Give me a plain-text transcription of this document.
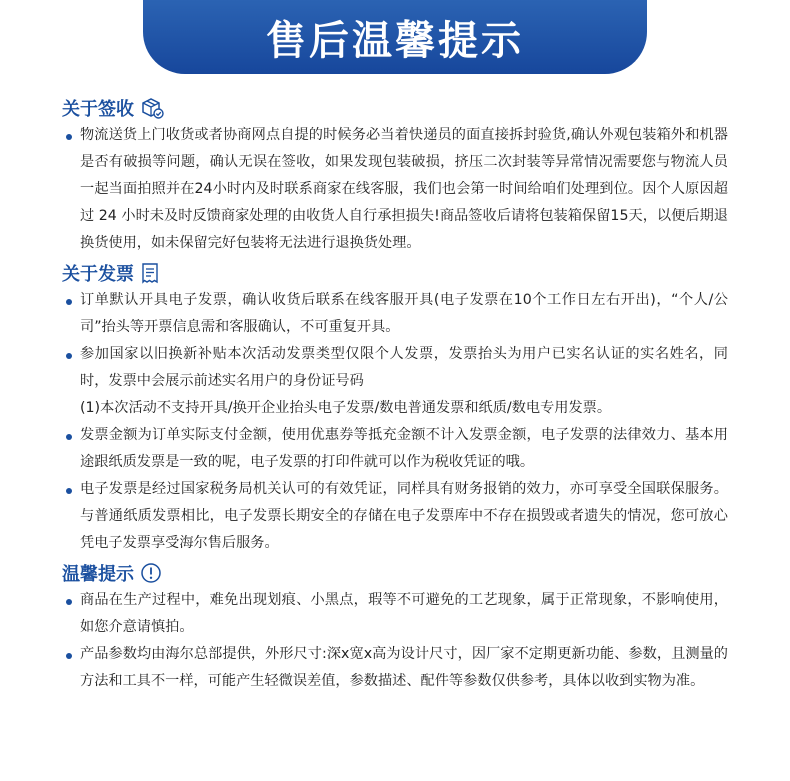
售后温馨提示
关于签收
物流送货上门收货或者协商网点自提的时候务必当着快递员的面直接拆封验货,确认外观包装箱外和机器是否有破损等问题，确认无误在签收，如果发现包装破损，挤压二次封装等异常情况需要您与物流人员一起当面拍照并在24小时内及时联系商家在线客服，我们也会第一时间给咱们处理到位。因个人原因超过 24 小时未及时反馈商家处理的由收货人自行承担损失!商品签收后请将包装箱保留15天，以便后期退换货使用，如未保留完好包装将无法进行退换货处理。
关于发票
订单默认开具电子发票，确认收货后联系在线客服开具(电子发票在10个工作日左右开出)，“个人/公司”抬头等开票信息需和客服确认，不可重复开具。
参加国家以旧换新补贴本次活动发票类型仅限个人发票，发票抬头为用户已实名认证的实名姓名，同时，发票中会展示前述实名用户的身份证号码
(1)本次活动不支持开具/换开企业抬头电子发票/数电普通发票和纸质/数电专用发票。
发票金额为订单实际支付金额，使用优惠券等抵充金额不计入发票金额，电子发票的法律效力、基本用途跟纸质发票是一致的呢，电子发票的打印件就可以作为税收凭证的哦。
电子发票是经过国家税务局机关认可的有效凭证，同样具有财务报销的效力，亦可享受全国联保服务。与普通纸质发票相比，电子发票长期安全的存储在电子发票库中不存在损毁或者遗失的情况，您可放心凭电子发票享受海尔售后服务。
温馨提示
商品在生产过程中，难免出现划痕、小黑点，瑕等不可避免的工艺现象，属于正常现象，不影响使用，如您介意请慎拍。
产品参数均由海尔总部提供，外形尺寸:深x宽x高为设计尺寸，因厂家不定期更新功能、参数，且测量的方法和工具不一样，可能产生轻微误差值，参数描述、配件等参数仅供参考，具体以收到实物为准。
